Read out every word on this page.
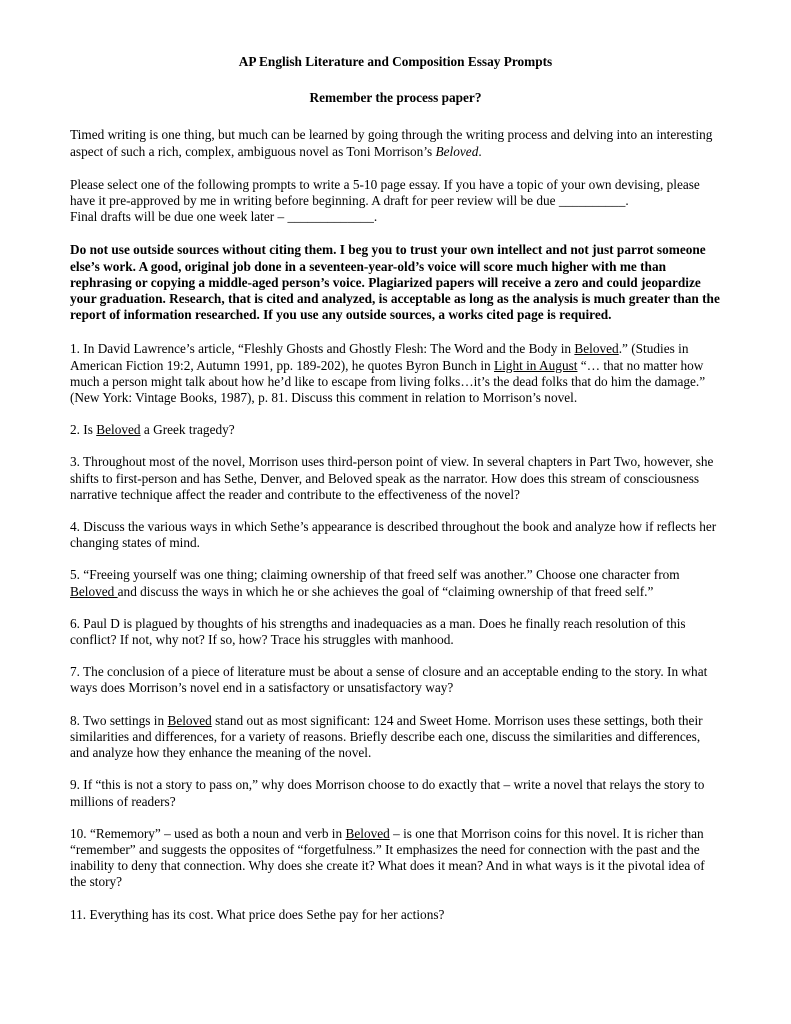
AP English Literature and Composition Essay Prompts

Remember the process paper?

Timed writing is one thing, but much can be learned by going through the writing process and delving into an interesting aspect of such a rich, complex, ambiguous novel as Toni Morrison’s Beloved.

Please select one of the following prompts to write a 5-10 page essay. If you have a topic of your own devising, please have it pre-approved by me in writing before beginning. A draft for peer review will be due __________.
Final drafts will be due one week later – _____________.

Do not use outside sources without citing them. I beg you to trust your own intellect and not just parrot someone else’s work. A good, original job done in a seventeen-year-old’s voice will score much higher with me than rephrasing or copying a middle-aged person’s voice. Plagiarized papers will receive a zero and could jeopardize your graduation. Research, that is cited and analyzed, is acceptable as long as the analysis is much greater than the report of information researched. If you use any outside sources, a works cited page is required.

1. In David Lawrence’s article, “Fleshly Ghosts and Ghostly Flesh: The Word and the Body in Beloved.” (Studies in American Fiction 19:2, Autumn 1991, pp. 189-202), he quotes Byron Bunch in Light in August “… that no matter how much a person might talk about how he’d like to escape from living folks…it’s the dead folks that do him the damage.” (New York: Vintage Books, 1987), p. 81. Discuss this comment in relation to Morrison’s novel.

2. Is Beloved a Greek tragedy?

3. Throughout most of the novel, Morrison uses third-person point of view. In several chapters in Part Two, however, she shifts to first-person and has Sethe, Denver, and Beloved speak as the narrator. How does this stream of consciousness narrative technique affect the reader and contribute to the effectiveness of the novel?

4. Discuss the various ways in which Sethe’s appearance is described throughout the book and analyze how if reflects her changing states of mind.

5. “Freeing yourself was one thing; claiming ownership of that freed self was another.” Choose one character from Beloved and discuss the ways in which he or she achieves the goal of “claiming ownership of that freed self.”

6. Paul D is plagued by thoughts of his strengths and inadequacies as a man. Does he finally reach resolution of this conflict? If not, why not? If so, how? Trace his struggles with manhood.

7. The conclusion of a piece of literature must be about a sense of closure and an acceptable ending to the story. In what ways does Morrison’s novel end in a satisfactory or unsatisfactory way?

8. Two settings in Beloved stand out as most significant: 124 and Sweet Home. Morrison uses these settings, both their similarities and differences, for a variety of reasons. Briefly describe each one, discuss the similarities and differences, and analyze how they enhance the meaning of the novel.

9. If “this is not a story to pass on,” why does Morrison choose to do exactly that – write a novel that relays the story to millions of readers?

10. “Rememory” – used as both a noun and verb in Beloved – is one that Morrison coins for this novel. It is richer than “remember” and suggests the opposites of “forgetfulness.” It emphasizes the need for connection with the past and the inability to deny that connection. Why does she create it? What does it mean? And in what ways is it the pivotal idea of the story?

11. Everything has its cost. What price does Sethe pay for her actions?
